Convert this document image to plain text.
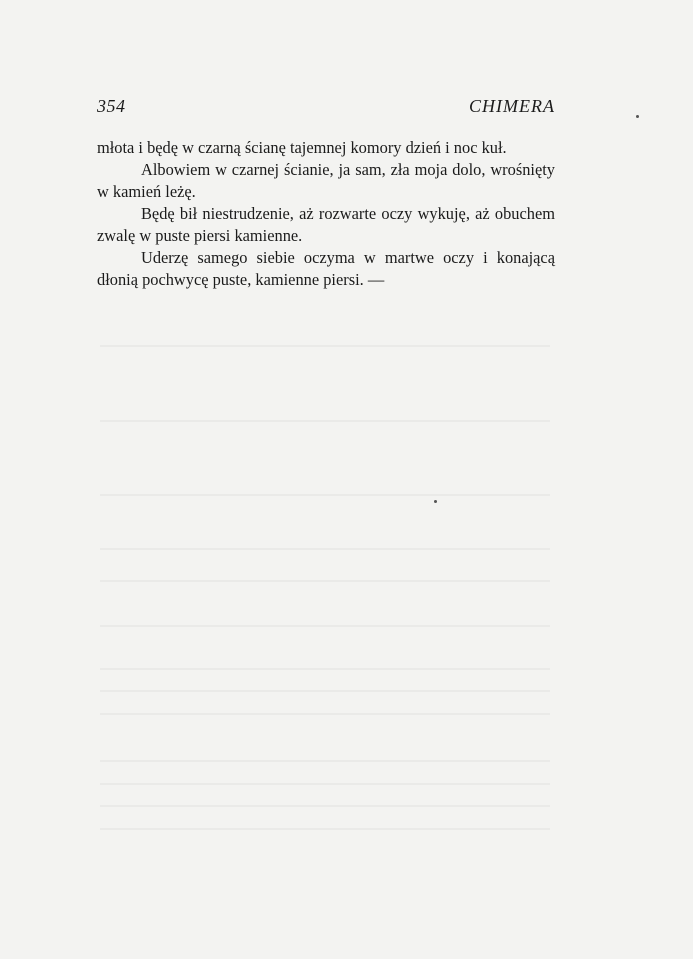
354	CHIMERA

młota i będę w czarną ścianę tajemnej komory dzień i noc kuł.

Albowiem w czarnej ścianie, ja sam, zła moja dolo, wrośnięty w kamień leżę.

Będę bił niestrudzenie, aż rozwarte oczy wykuję, aż obuchem zwalę w puste piersi kamienne.

Uderzę samego siebie oczyma w martwe oczy i konającą dłonią pochwycę puste, kamienne piersi. —
